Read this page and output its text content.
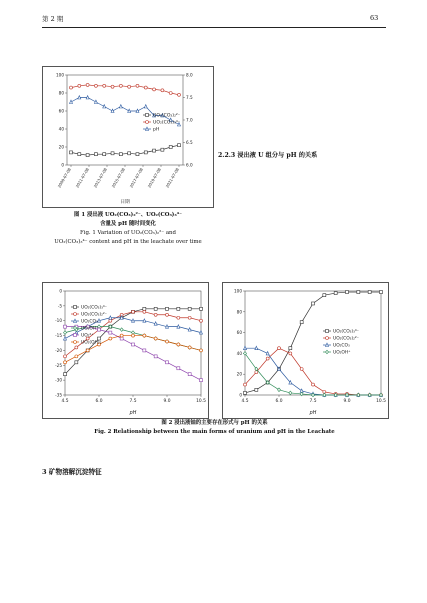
第 2 期	63
0
20
40
60
80
100
6.0
6.5
7.0
7.5
8.0
2009-07-08 2011-07-08 2013-07-08 2015-07-08 2017-07-08 2019-07-08 2021-07-08
日期
UO₂(CO₃)₂²⁻
UO₂(CO₃)₃⁴⁻
pH
图 1 浸出液 UO₂(CO₃)₂²⁻、UO₂(CO₃)₃⁴⁻
含量及 pH 随时间变化
Fig. 1 Variation of UO₂(CO₃)₂²⁻ and
UO₂(CO₃)₃⁴⁻ content and pH in the leachate over time
2.2.3 浸出液 U 组分与 pH 的关系
-35
-30
-25
-20
-15
-10
-5
0
4.5	6.0	7.5	9.0	10.5
pH
UO₂(CO₃)₃⁴⁻
UO₂(CO₃)₂²⁻
UO₂CO₃
UO₂OH⁺
UO₂²⁺
UO₂(OH)₂
0
20
40
60
80
100
4.5	6.0	7.5	9.0	10.5
pH
UO₂(CO₃)₃⁴⁻
UO₂(CO₃)₂²⁻
UO₂CO₃
UO₂OH⁺
图 2 浸出液铀的主要存在形式与 pH 的关系
Fig. 2 Relationship between the main forms of uranium and pH in the Leachate
3 矿物溶解沉淀特征
